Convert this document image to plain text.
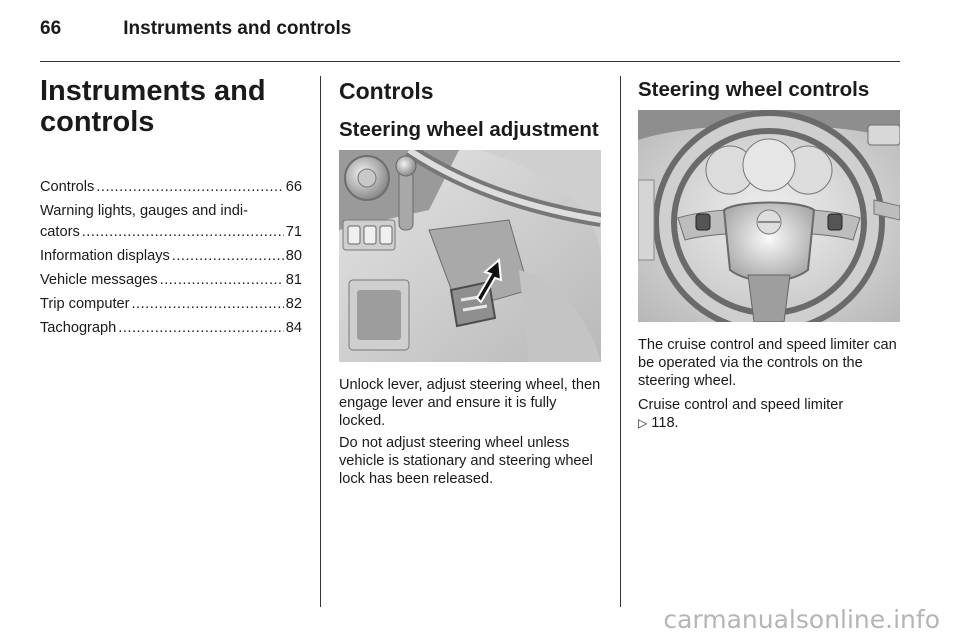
66	Instruments and controls
Instruments and controls
Controls .....	66
Warning lights, gauges and indi-
cators .....	71
Information displays .....	80
Vehicle messages .....	81
Trip computer .....	82
Tachograph .....	84
Controls
Steering wheel adjustment

Unlock lever, adjust steering wheel, then engage lever and ensure it is fully locked.

Do not adjust steering wheel unless vehicle is stationary and steering wheel lock has been released.

Steering wheel controls

The cruise control and speed limiter can be operated via the controls on the steering wheel.

Cruise control and speed limiter
▷ 118.

carmanualsonline.info
